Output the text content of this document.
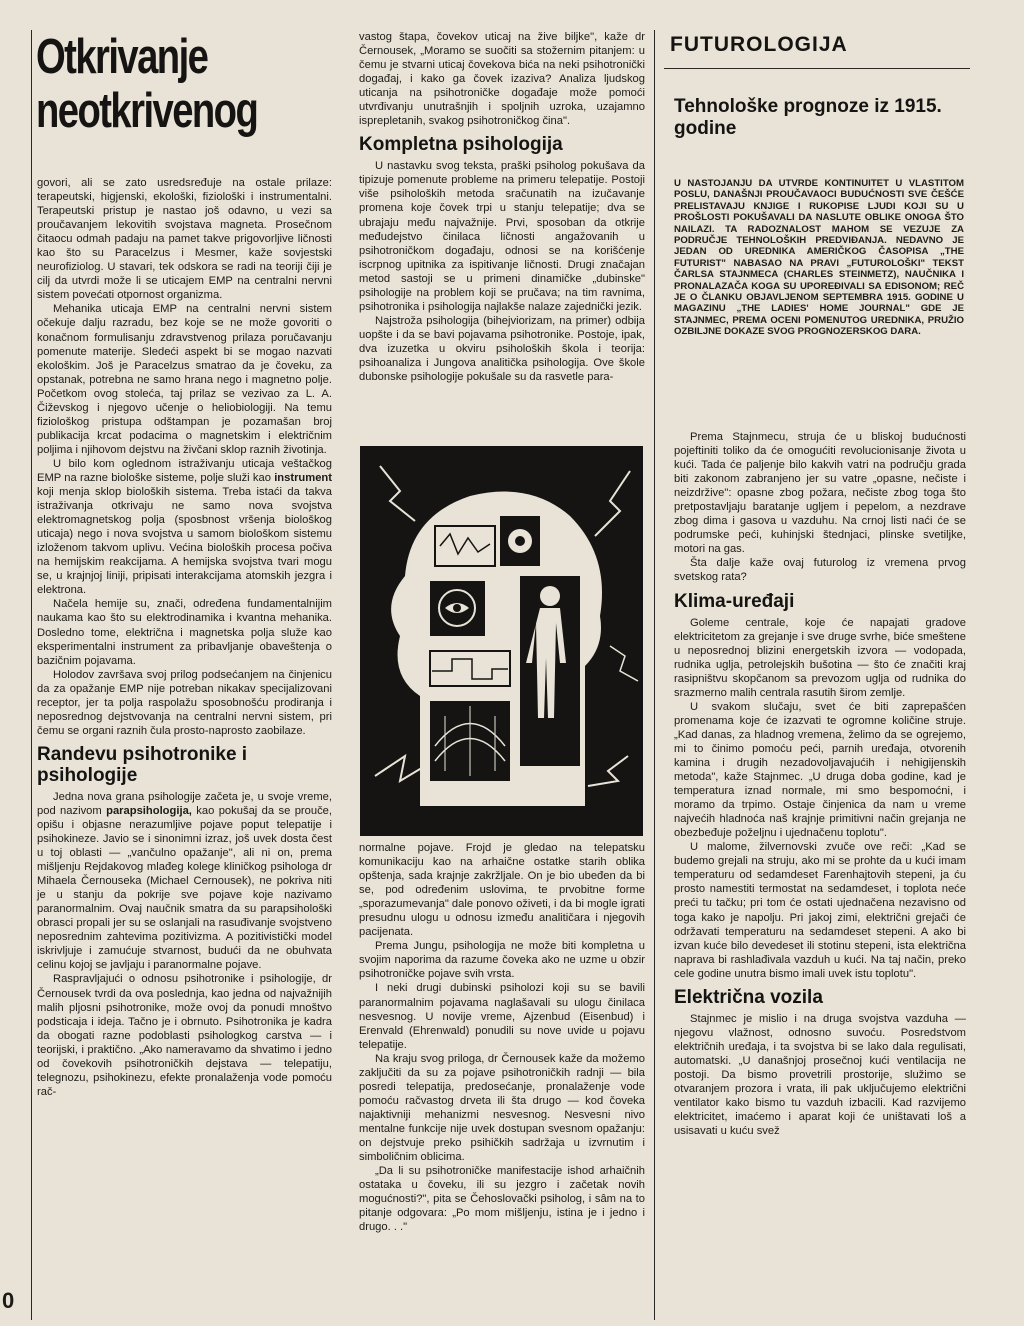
Otkrivanje
neotkrivenog

govori, ali se zato usredsređuje na ostale prilaze: terapeutski, higjenski, ekološki, fiziološki i instrumentalni. Terapeutski pristup je nastao još odavno, u vezi sa proučavanjem lekovitih svojstava magneta. Prosečnom čitaocu odmah padaju na pamet takve prigovorljive ličnosti kao što su Paracelzus i Mesmer, kaže sovjestski neurofiziolog. U stavari, tek odskora se radi na teoriji čiji je cilj da utvrdi može li se uticajem EMP na centralni nervni sistem povećati otpornost organizma.

Mehanika uticaja EMP na centralni nervni sistem očekuje dalju razradu, bez koje se ne može govoriti o konačnom formulisanju zdravstvenog prilaza poručavanju pomenute materije. Sledeći aspekt bi se mogao nazvati ekološkim. Još je Paracelzus smatrao da je čoveku, za opstanak, potrebna ne samo hrana nego i magnetno polje. Početkom ovog stoleća, taj prilaz se vezivao za L. A. Čiževskog i njegovo učenje o heliobiologiji. Na temu fiziološkog pristupa odštampan je pozamašan broj publikacija krcat podacima o magnetskim i električnim poljima i njihovom dejstvu na živčani sklop raznih životinja.

U bilo kom oglednom istraživanju uticaja veštačkog EMP na razne biološke sisteme, polje služi kao instrument koji menja sklop bioloških sistema. Treba istaći da takva istraživanja otkrivaju ne samo nova svojstva elektromagnetskog polja (sposbnost vršenja biološkog uticaja) nego i nova svojstva u samom biološkom sistemu izloženom takvom uplivu. Većina bioloških procesa počiva na hemijskim reakcijama. A hemijska svojstva tvari mogu se, u krajnjoj liniji, pripisati interakcijama atomskih jezgra i elektrona.

Načela hemije su, znači, određena fundamentalnijim naukama kao što su elektrodinamika i kvantna mehanika. Dosledno tome, električna i magnetska polja služe kao eksperimentalni instrument za pribavljanje obaveštenja o bazičnim pojavama.

Holodov završava svoj prilog podsećanjem na činjenicu da za opažanje EMP nije potreban nikakav specijalizovani receptor, jer ta polja raspolažu sposobnošću prodiranja i neposrednog dejstvovanja na centralni nervni sistem, pri čemu se organi raznih čula prosto-naprosto zaobilaze.

Randevu psihotronike i psihologije

Jedna nova grana psihologije začeta je, u svoje vreme, pod nazivom parapsihologija, kao pokušaj da se prouče, opišu i objasne nerazumljive pojave poput telepatije i psihokineze. Javio se i sinonimni izraz, još uvek dosta čest u toj oblasti — „vančulno opažanje", ali ni on, prema mišljenju Rejdakovog mlađeg kolege kliničkog psihologa dr Mihaela Černouseka (Michael Cernousek), ne pokriva niti je u stanju da pokrije sve pojave koje nazivamo paranormalnim. Ovaj naučnik smatra da su parapsihološki obrasci propali jer su se oslanjali na rasuđivanje svojstveno neposrednim zahtevima pozitivizma. A pozitivistički model iskrivljuje i zamućuje stvarnost, budući da ne obuhvata celinu kojoj se javljaju i paranormalne pojave.

Raspravljajući o odnosu psihotronike i psihologije, dr Černousek tvrdi da ova poslednja, kao jedna od najvažnijih malih pljosni psihotronike, može ovoj da ponudi mnoštvo podsticaja i ideja. Tačno je i obrnuto. Psihotronika je kadra da obogati razne podoblasti psihologkog carstva — i teorijski, i praktično. „Ako nameravamo da shvatimo i jedno od čovekovih psihotroničkih dejstava — telepatiju, telegnozu, psihokinezu, efekte pronalaženja vode pomoću rač-

vastog štapa, čovekov uticaj na žive biljke", kaže dr Černousek, „Moramo se suočiti sa stožernim pitanjem: u čemu je stvarni uticaj čovekova bića na neki psihotronički događaj, i kako ga čovek izaziva? Analiza ljudskog uticanja na psihotroničke događaje može pomoći utvrđivanju unutrašnjih i spoljnih uzroka, uzajamno isprepletanih, svakog psihotroničkog čina".

Kompletna psihologija

U nastavku svog teksta, praški psiholog pokušava da tipizuje pomenute probleme na primeru telepatije. Postoji više psiholoških metoda sračunatih na izučavanje promena koje čovek trpi u stanju telepatije; dva se ubrajaju među najvažnije. Prvi, sposoban da otkrije međudejstvo činilaca ličnosti angažovanih u psihotroničkom događaju, odnosi se na korišćenje iscrpnog upitnika za ispitivanje ličnosti. Drugi značajan metod sastoji se u primeni dinamičke „dubinske" psihologije na problem koji se pručava; na tim ravnima, psihotronika i psihologija najlakše nalaze zajednički jezik.

Najstroža psihologija (bihejviorizam, na primer) odbija uopšte i da se bavi pojavama psihotronike. Postoje, ipak, dva izuzetka u okviru psiholoških škola i teorija: psihoanaliza i Jungova analitička psihologija. Ove škole dubonske psihologije pokušale su da rasvetle para-

normalne pojave. Frojd je gledao na telepatsku komunikaciju kao na arhaične ostatke starih oblika opštenja, sada krajnje zakržljale. On je bio ubeđen da bi se, pod određenim uslovima, te prvobitne forme „sporazumevanja" dale ponovo oživeti, i da bi mogle igrati presudnu ulogu u odnosu između analitičara i njegovih pacijenata.

Prema Jungu, psihologija ne može biti kompletna u svojim naporima da razume čoveka ako ne uzme u obzir psihotroničke pojave svih vrsta.

I neki drugi dubinski psiholozi koji su se bavili paranormalnim pojavama naglašavali su ulogu činilaca nesvesnog. U novije vreme, Ajzenbud (Eisenbud) i Erenvald (Ehrenwald) ponudili su nove uvide u pojavu telepatije.

Na kraju svog priloga, dr Černousek kaže da možemo zaključiti da su za pojave psihotroničkih radnji — bila posredi telepatija, predosećanje, pronalaženje vode pomoću račvastog drveta ili šta drugo — kod čoveka najaktivniji mehanizmi nesvesnog. Nesvesni nivo mentalne funkcije nije uvek dostupan svesnom opažanju: on dejstvuje preko psihičkih sadržaja u izvrnutim i simboličnim oblicima.

„Da li su psihotroničke manifestacije ishod arhaičnih ostataka u čoveku, ili su jezgro i začetak novih mogućnosti?", pita se Čehoslovački psiholog, i sâm na to pitanje odgovara: „Po mom mišljenju, istina je i jedno i drugo. . ."

FUTUROLOGIJA
Tehnološke prognoze iz 1915. godine
U NASTOJANJU DA UTVRDE KONTINUITET U VLASTITOM POSLU, DANAŠNJI PROUČAVAOCI BUDUĆNOSTI SVE ČEŠĆE PRELISTAVAJU KNJIGE I RUKOPISE LJUDI KOJI SU U PROŠLOSTI POKUŠAVALI DA NASLUTE OBLIKE ONOGA ŠTO NAILAZI. TA RADOZNALOST MAHOM SE VEZUJE ZA PODRUČJE TEHNOLOŠKIH PREDVIĐANJA. NEDAVNO JE JEDAN OD UREDNIKA AMERIČKOG ČASOPISA „THE FUTURIST" NABASAO NA PRAVI „FUTUROLOŠKI" TEKST ČARLSA STAJNMECA (CHARLES STEINMETZ), NAUČNIKA I PRONALAZAČA KOGA SU UPOREĐIVALI SA EDISONOM; REČ JE O ČLANKU OBJAVLJENOM SEPTEMBRA 1915. GODINE U MAGAZINU „THE LADIES' HOME JOURNAL" GDE JE STAJNMEC, PREMA OCENI POMENUTOG UREDNIKA, PRUŽIO OZBILJNE DOKAZE SVOG PROGNOZERSKOG DARA.

Prema Stajnmecu, struja će u bliskoj budućnosti pojeftiniti toliko da će omogućiti revolucionisanje života u kući. Tada će paljenje bilo kakvih vatri na području grada biti zakonom zabranjeno jer su vatre „opasne, nečiste i neizdržive": opasne zbog požara, nečiste zbog toga što pretpostavljaju baratanje ugljem i pepelom, a nezdrave zbog dima i gasova u vazduhu. Na crnoj listi naći će se podrumske peći, kuhinjski štednjaci, plinske svetiljke, motori na gas.

Šta dalje kaže ovaj futurolog iz vremena prvog svetskog rata?

Klima-uređaji

Goleme centrale, koje će napajati gradove elektricitetom za grejanje i sve druge svrhe, biće smeštene u neposrednoj blizini energetskih izvora — vodopada, rudnika uglja, petrolejskih bušotina — što će značiti kraj rasipništvu skopčanom sa prevozom uglja od rudnika do srazmerno malih centrala rasutih širom zemlje.

U svakom slučaju, svet će biti zaprepašćen promenama koje će izazvati te ogromne količine struje. „Kad danas, za hladnog vremena, želimo da se ogrejemo, mi to činimo pomoću peći, parnih uređaja, otvorenih kamina i drugih nezadovoljavajućih i nehigijenskih metoda", kaže Stajnmec. „U druga doba godine, kad je temperatura iznad normale, mi smo bespomoćni, i moramo da trpimo. Ostaje činjenica da nam u vreme najvećih hladnoća naš krajnje primitivni način grejanja ne obezbeđuje poželjnu i ujednačenu toplotu".

U malome, žilvernovski zvuče ove reči: „Kad se budemo grejali na struju, ako mi se prohte da u kući imam temperaturu od sedamdeset Farenhajtovih stepeni, ja ću prosto namestiti termostat na sedamdeset, i toplota neće preći tu tačku; pri tom će ostati ujednačena nezavisno od toga kako je napolju. Pri jakoj zimi, električni grejači će održavati temperaturu na sedamdeset stepeni. A ako bi izvan kuće bilo devedeset ili stotinu stepeni, ista električna naprava bi rashlađivala vazduh u kući. Na taj način, preko cele godine unutra bismo imali uvek istu toplotu".

Električna vozila

Stajnmec je mislio i na druga svojstva vazduha — njegovu vlažnost, odnosno suvoću. Posredstvom električnih uređaja, i ta svojstva bi se lako dala regulisati, automatski. „U današnjoj prosečnoj kući ventilacija ne postoji. Da bismo provetrili prostorije, služimo se otvaranjem prozora i vrata, ili pak uključujemo električni ventilator kako bismo tu vazduh izbacili. Kad razvijemo elektricitet, imaćemo i aparat koji će uništavati loš a usisavati u kuću svež

0
